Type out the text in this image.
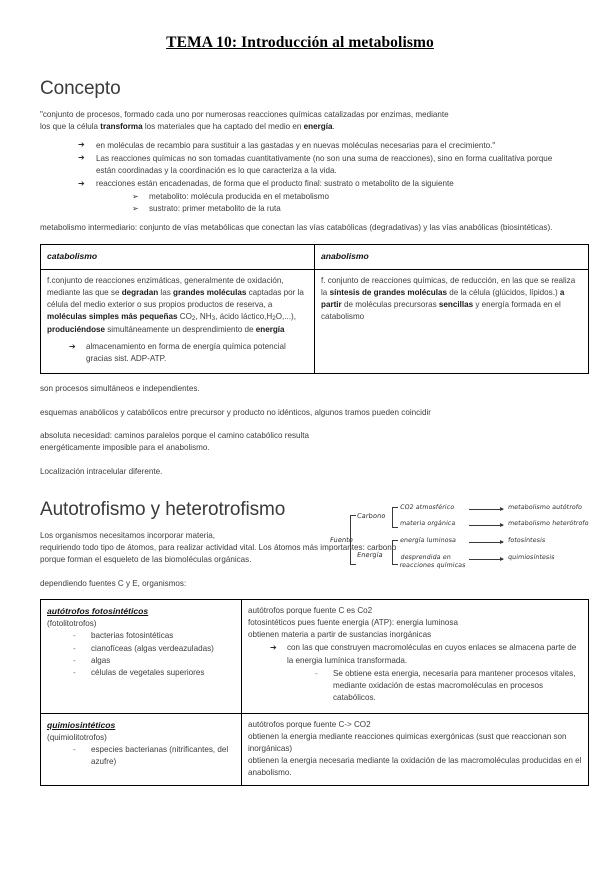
TEMA 10: Introducción al metabolismo
Concepto

"conjunto de procesos, formado cada uno por numerosas reacciones químicas catalizadas por enzimas, mediante
los que la célula transforma los materiales que ha captado del medio en energía.

➔ en moléculas de recambio para sustituir a las gastadas y en nuevas moléculas necesarias para el crecimiento."
➔ Las reacciones químicas no son tomadas cuantitativamente (no son una suma de reacciones), sino en forma cualitativa porque están coordinadas y la coordinación es lo que caracteriza a la vida.
➔ reacciones están encadenadas, de forma que el producto final: sustrato o metabolito de la siguiente
➢ metabolito: molécula producida en el metabolismo
➢ sustrato: primer metabolito de la ruta

metabolismo intermediario: conjunto de vías metabólicas que conectan las vías catabólicas (degradativas) y las vías anabólicas (biosintéticas).

catabolismo	anabolismo
f.conjunto de reacciones enzimáticas, generalmente de oxidación, mediante las que se degradan las grandes moléculas captadas por la célula del medio exterior o sus propios productos de reserva, a moléculas simples más pequeñas CO2, NH3, ácido láctico,H2O,...), produciéndose simultáneamente un desprendimiento de energía
➔ almacenamiento en forma de energía química potencial gracias sist. ADP-ATP.
	f. conjunto de reacciones químicas, de reducción, en las que se realiza la síntesis de grandes moléculas de la célula (glúcidos, lípidos.) a partir de moléculas precursoras sencillas y energía formada en el catabolismo

son procesos simultáneos e independientes.

esquemas anabólicos y catabólicos entre precursor y producto no idénticos, algunos tramos pueden coincidir

absoluta necesidad: caminos paralelos porque el camino catabólico resulta energéticamente imposible para el anabolismo.

Localización intracelular diferente.

Fuente
Carbono
CO2 atmosférico	metabolismo autótrofo
materia orgánica	metabolismo heterótrofo
Energía
energía luminosa	fotosíntesis
desprendida en reacciones químicas
quimiosíntesis
Autotrofismo y heterotrofismo

Los organismos necesitamos incorporar materia,
requiriendo todo tipo de átomos, para realizar actividad vital. Los átomos más importantes: carbono
porque forman el esqueleto de las biomoléculas orgánicas.

dependiendo fuentes C y E, organismos:

autótrofos fotosintéticos
(fotolitotrofos)
- bacterias fotosintéticas
- cianofíceas (algas verdeazuladas)
- algas
- células de vegetales superiores
	autótrofos porque fuente C es Co2
fotosintéticos pues fuente energia (ATP): energia luminosa
obtienen materia a partir de sustancias inorgánicas
➔ con las que construyen macromoléculas en cuyos enlaces se almacena parte de la energia lumínica transformada.
- Se obtiene esta energia, necesaria para mantener procesos vitales, mediante oxidación de estas macromoléculas en procesos catabólicos.

quimiosintéticos
(quimiolitotrofos)
- especies bacterianas (nitrificantes, del azufre)
	autótrofos porque fuente C-> CO2
obtienen la energia mediante reacciones quimicas exergónicas (sust que reaccionan son inorgánicas)
obtienen la energia necesaria mediante la oxidación de las macromoléculas producidas en el anabolismo.
